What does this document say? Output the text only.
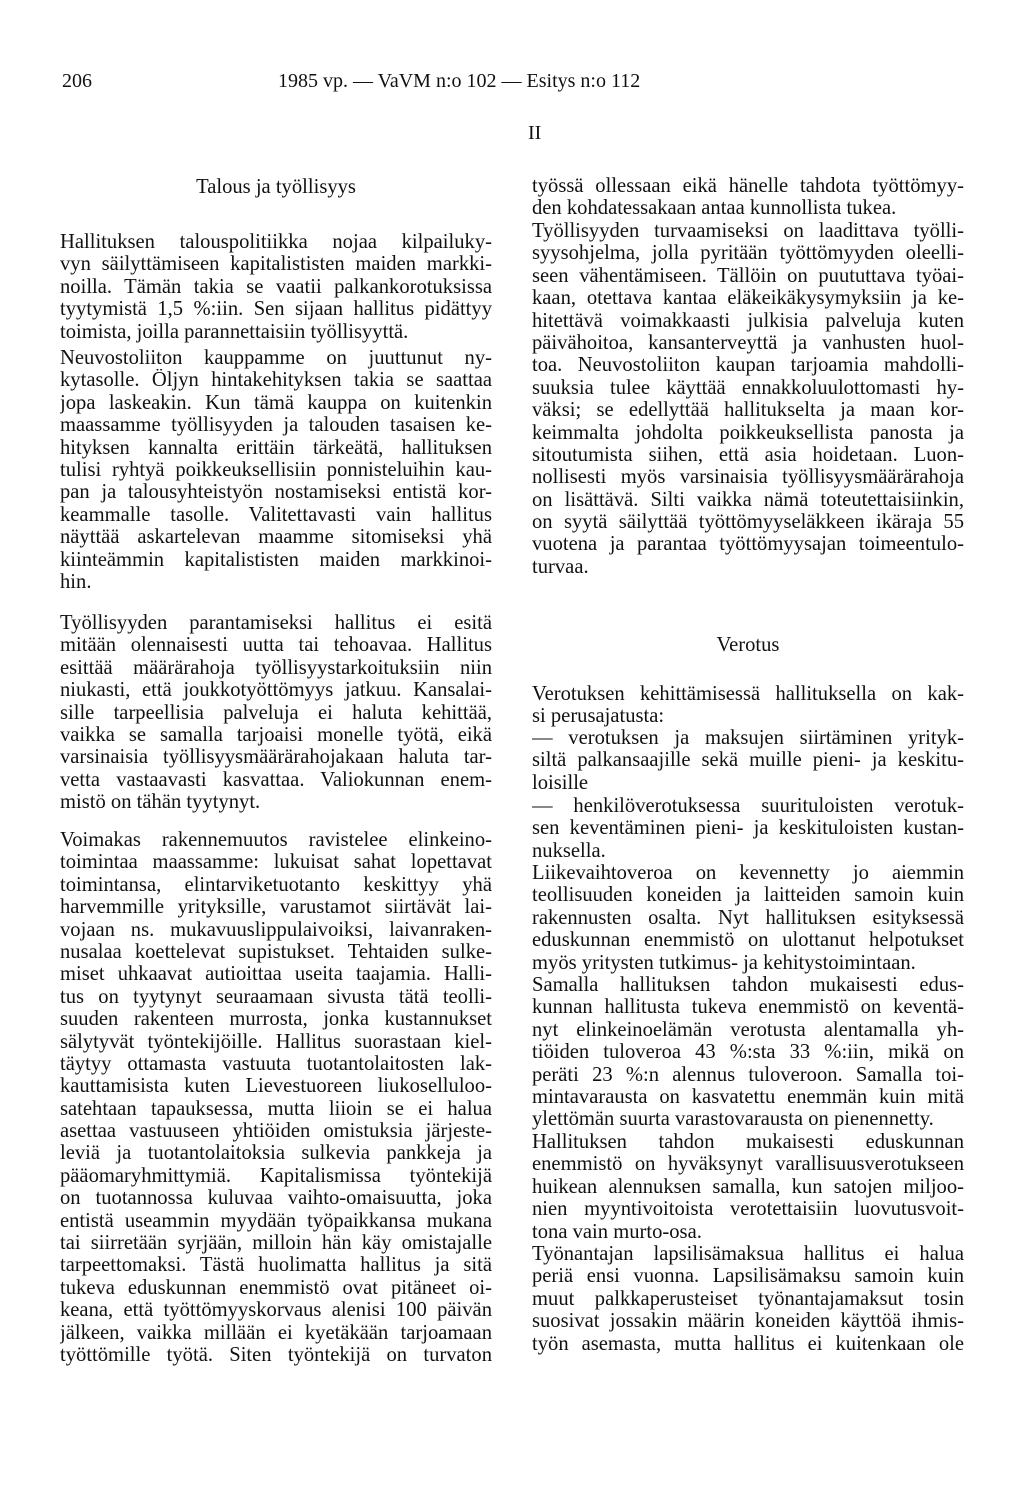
206	1985 vp. — VaVM n:o 102 — Esitys n:o 112
II
Talous ja työllisyys
Hallituksen talouspolitiikka nojaa kilpailuky-
vyn säilyttämiseen kapitalististen maiden markki-
noilla. Tämän takia se vaatii palkankorotuksissa
tyytymistä 1,5 %:iin. Sen sijaan hallitus pidättyy
toimista, joilla parannettaisiin työllisyyttä.
Neuvostoliiton kauppamme on juuttunut ny-
kytasolle. Öljyn hintakehityksen takia se saattaa
jopa laskeakin. Kun tämä kauppa on kuitenkin
maassamme työllisyyden ja talouden tasaisen ke-
hityksen kannalta erittäin tärkeätä, hallituksen
tulisi ryhtyä poikkeuksellisiin ponnisteluihin kau-
pan ja talousyhteistyön nostamiseksi entistä kor-
keammalle tasolle. Valitettavasti vain hallitus
näyttää askartelevan maamme sitomiseksi yhä
kiinteämmin kapitalististen maiden markkinoi-
hin.
Työllisyyden parantamiseksi hallitus ei esitä
mitään olennaisesti uutta tai tehoavaa. Hallitus
esittää määrärahoja työllisyystarkoituksiin niin
niukasti, että joukkotyöttömyys jatkuu. Kansalai-
sille tarpeellisia palveluja ei haluta kehittää,
vaikka se samalla tarjoaisi monelle työtä, eikä
varsinaisia työllisyysmäärärahojakaan haluta tar-
vetta vastaavasti kasvattaa. Valiokunnan enem-
mistö on tähän tyytynyt.
Voimakas rakennemuutos ravistelee elinkeino-
toimintaa maassamme: lukuisat sahat lopettavat
toimintansa, elintarviketuotanto keskittyy yhä
harvemmille yrityksille, varustamot siirtävät lai-
vojaan ns. mukavuuslippulaivoiksi, laivanraken-
nusalaa koettelevat supistukset. Tehtaiden sulke-
miset uhkaavat autioittaa useita taajamia. Halli-
tus on tyytynyt seuraamaan sivusta tätä teolli-
suuden rakenteen murrosta, jonka kustannukset
sälytyvät työntekijöille. Hallitus suorastaan kiel-
täytyy ottamasta vastuuta tuotantolaitosten lak-
kauttamisista kuten Lievestuoreen liukoselluloo-
satehtaan tapauksessa, mutta liioin se ei halua
asettaa vastuuseen yhtiöiden omistuksia järjeste-
leviä ja tuotantolaitoksia sulkevia pankkeja ja
pääomaryhmittymiä. Kapitalismissa työntekijä
on tuotannossa kuluvaa vaihto-omaisuutta, joka
entistä useammin myydään työpaikkansa mukana
tai siirretään syrjään, milloin hän käy omistajalle
tarpeettomaksi. Tästä huolimatta hallitus ja sitä
tukeva eduskunnan enemmistö ovat pitäneet oi-
keana, että työttömyyskorvaus alenisi 100 päivän
jälkeen, vaikka millään ei kyetäkään tarjoamaan
työttömille työtä. Siten työntekijä on turvaton
työssä ollessaan eikä hänelle tahdota työttömyy-
den kohdatessakaan antaa kunnollista tukea.
Työllisyyden turvaamiseksi on laadittava työlli-
syysohjelma, jolla pyritään työttömyyden oleelli-
seen vähentämiseen. Tällöin on puututtava työai-
kaan, otettava kantaa eläkeikäkysymyksiin ja ke-
hitettävä voimakkaasti julkisia palveluja kuten
päivähoitoa, kansanterveyttä ja vanhusten huol-
toa. Neuvostoliiton kaupan tarjoamia mahdolli-
suuksia tulee käyttää ennakkoluulottomasti hy-
väksi; se edellyttää hallitukselta ja maan kor-
keimmalta johdolta poikkeuksellista panosta ja
sitoutumista siihen, että asia hoidetaan. Luon-
nollisesti myös varsinaisia työllisyysmäärärahoja
on lisättävä. Silti vaikka nämä toteutettaisiinkin,
on syytä säilyttää työttömyyseläkkeen ikäraja 55
vuotena ja parantaa työttömyysajan toimeentulo-
turvaa.
Verotus
Verotuksen kehittämisessä hallituksella on kak-
si perusajatusta:
— verotuksen ja maksujen siirtäminen yrityk-
siltä palkansaajille sekä muille pieni- ja keskitu-
loisille
— henkilöverotuksessa suurituloisten verotuk-
sen keventäminen pieni- ja keskituloisten kustan-
nuksella.
Liikevaihtoveroa on kevennetty jo aiemmin
teollisuuden koneiden ja laitteiden samoin kuin
rakennusten osalta. Nyt hallituksen esityksessä
eduskunnan enemmistö on ulottanut helpotukset
myös yritysten tutkimus- ja kehitystoimintaan.
Samalla hallituksen tahdon mukaisesti edus-
kunnan hallitusta tukeva enemmistö on keventä-
nyt elinkeinoelämän verotusta alentamalla yh-
tiöiden tuloveroa 43 %:sta 33 %:iin, mikä on
peräti 23 %:n alennus tuloveroon. Samalla toi-
mintavarausta on kasvatettu enemmän kuin mitä
ylettömän suurta varastovarausta on pienennetty.
Hallituksen tahdon mukaisesti eduskunnan
enemmistö on hyväksynyt varallisuusverotukseen
huikean alennuksen samalla, kun satojen miljoo-
nien myyntivoitoista verotettaisiin luovutusvoit-
tona vain murto-osa.
Työnantajan lapsilisämaksua hallitus ei halua
periä ensi vuonna. Lapsilisämaksu samoin kuin
muut palkkaperusteiset työnantajamaksut tosin
suosivat jossakin määrin koneiden käyttöä ihmis-
työn asemasta, mutta hallitus ei kuitenkaan ole
